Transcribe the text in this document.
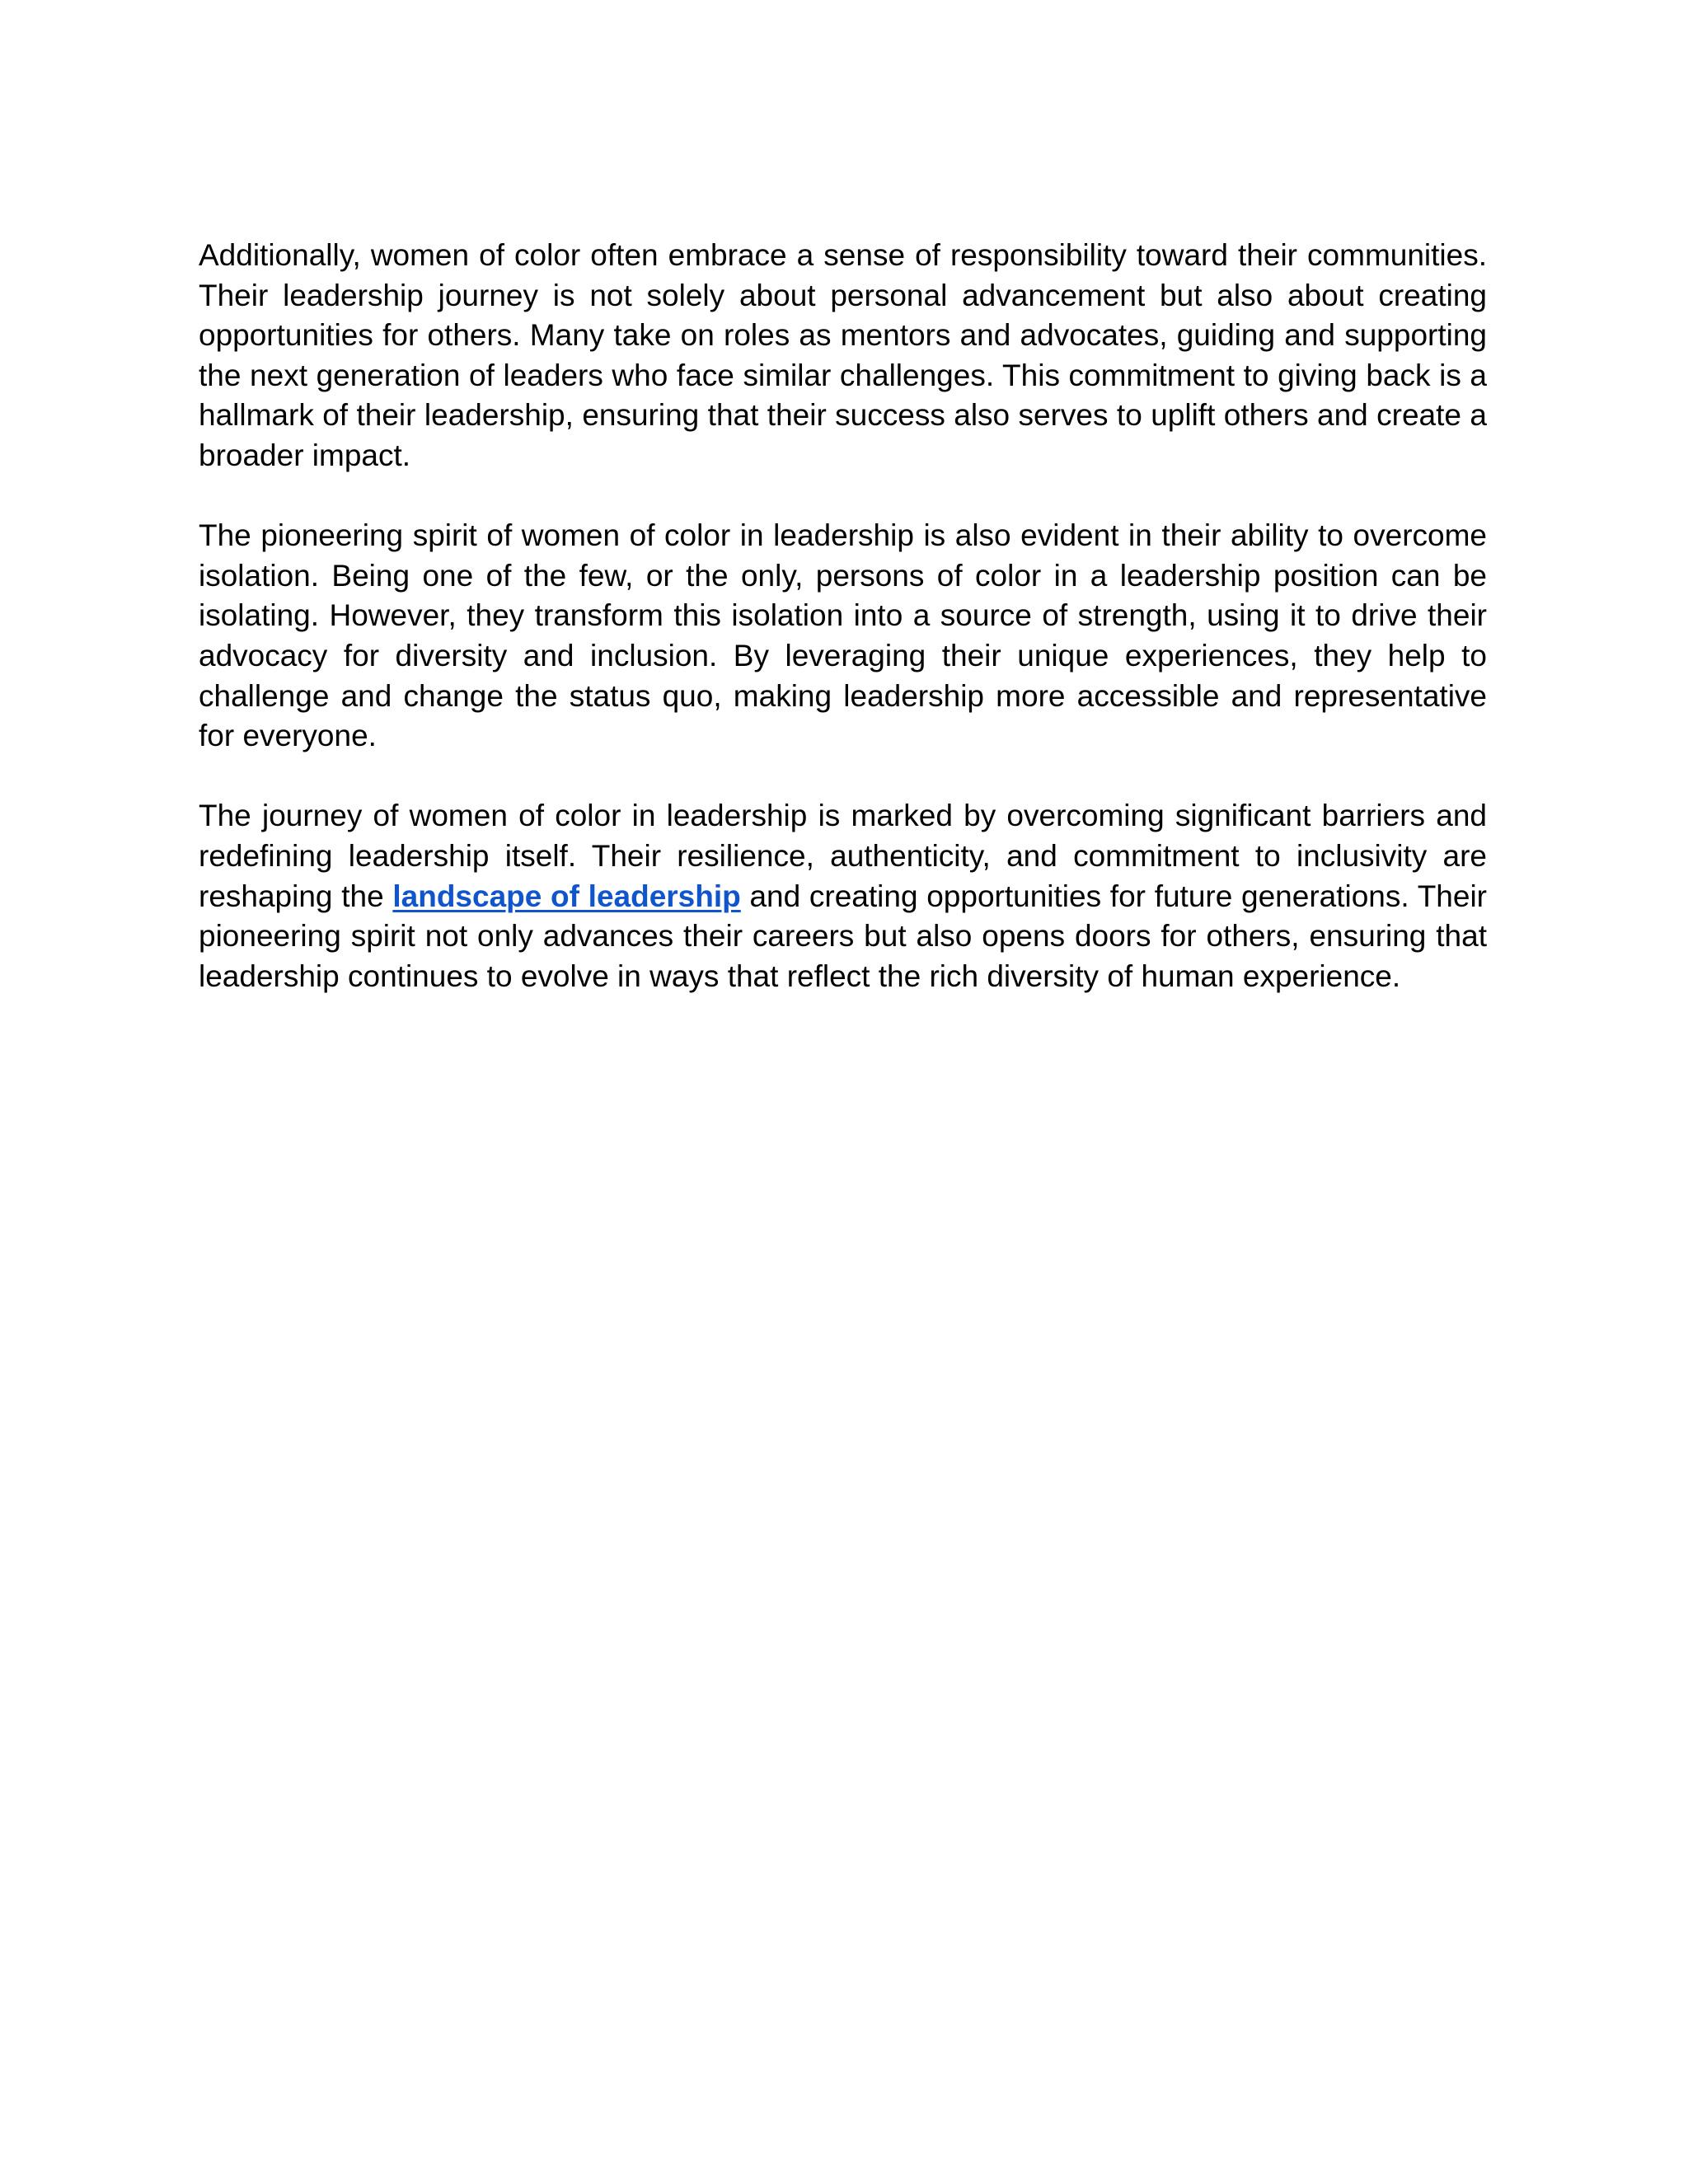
Additionally, women of color often embrace a sense of responsibility toward their communities. Their leadership journey is not solely about personal advancement but also about creating opportunities for others. Many take on roles as mentors and advocates, guiding and supporting the next generation of leaders who face similar challenges. This commitment to giving back is a hallmark of their leadership, ensuring that their success also serves to uplift others and create a broader impact.

The pioneering spirit of women of color in leadership is also evident in their ability to overcome isolation. Being one of the few, or the only, persons of color in a leadership position can be isolating. However, they transform this isolation into a source of strength, using it to drive their advocacy for diversity and inclusion. By leveraging their unique experiences, they help to challenge and change the status quo, making leadership more accessible and representative for everyone.

The journey of women of color in leadership is marked by overcoming significant barriers and redefining leadership itself. Their resilience, authenticity, and commitment to inclusivity are reshaping the landscape of leadership and creating opportunities for future generations. Their pioneering spirit not only advances their careers but also opens doors for others, ensuring that leadership continues to evolve in ways that reflect the rich diversity of human experience.
